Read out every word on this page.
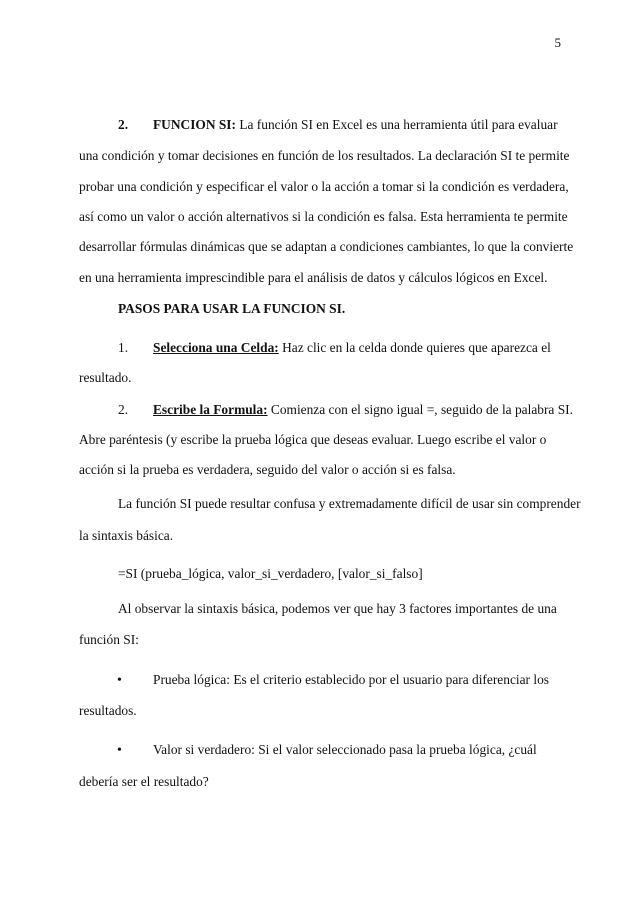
5
2. FUNCION SI: La función SI en Excel es una herramienta útil para evaluar
una condición y tomar decisiones en función de los resultados. La declaración SI te permite
probar una condición y especificar el valor o la acción a tomar si la condición es verdadera,
así como un valor o acción alternativos si la condición es falsa. Esta herramienta te permite
desarrollar fórmulas dinámicas que se adaptan a condiciones cambiantes, lo que la convierte
en una herramienta imprescindible para el análisis de datos y cálculos lógicos en Excel.
PASOS PARA USAR LA FUNCION SI.
1. Selecciona una Celda: Haz clic en la celda donde quieres que aparezca el
resultado.
2. Escribe la Formula: Comienza con el signo igual =, seguido de la palabra SI.
Abre paréntesis (y escribe la prueba lógica que deseas evaluar. Luego escribe el valor o
acción si la prueba es verdadera, seguido del valor o acción si es falsa.
La función SI puede resultar confusa y extremadamente difícil de usar sin comprender
la sintaxis básica.
=SI (prueba_lógica, valor_si_verdadero, [valor_si_falso]
Al observar la sintaxis básica, podemos ver que hay 3 factores importantes de una
función SI:
• Prueba lógica: Es el criterio establecido por el usuario para diferenciar los
resultados.
• Valor si verdadero: Si el valor seleccionado pasa la prueba lógica, ¿cuál
debería ser el resultado?
